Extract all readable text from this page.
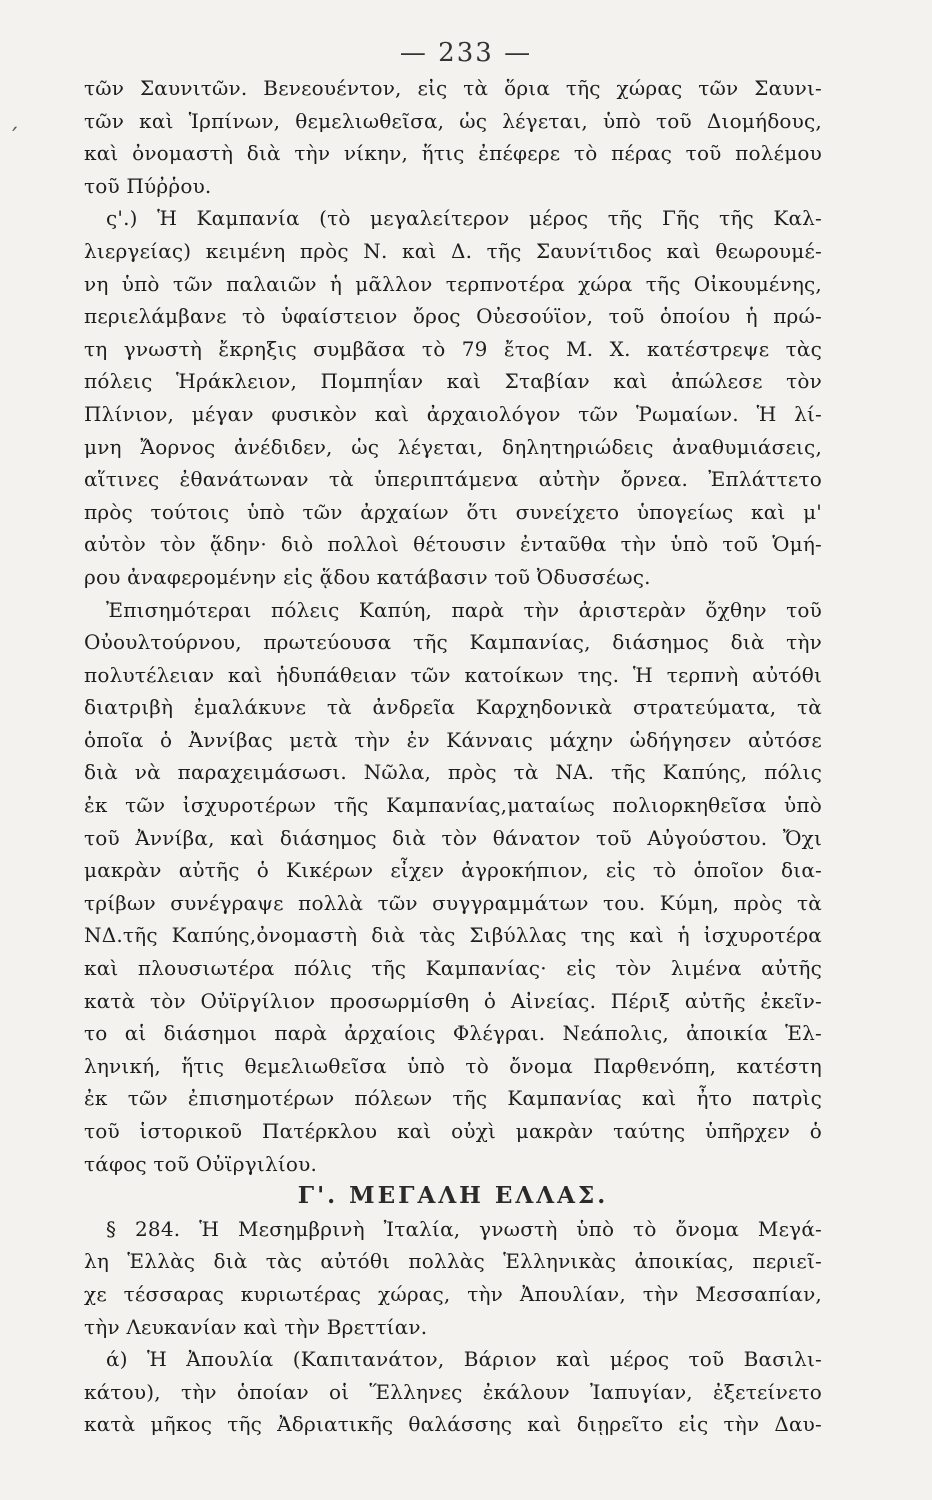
— 233 —
ˊ
τῶν Σαυνιτῶν. Βενεουέντον, εἰς τὰ ὅρια τῆς χώρας τῶν Σαυνι-
τῶν καὶ Ἱρπίνων, θεμελιωθεῖσα, ὡς λέγεται, ὑπὸ τοῦ Διομήδους,
καὶ ὀνομαστὴ διὰ τὴν νίκην, ἥτις ἐπέφερε τὸ πέρας τοῦ πολέμου
τοῦ Πύῤῥου.
ς'.) Ἡ Καμπανία (τὸ μεγαλείτερον μέρος τῆς Γῆς τῆς Καλ-
λιεργείας) κειμένη πρὸς Ν. καὶ Δ. τῆς Σαυνίτιδος καὶ θεωρουμέ-
νη ὑπὸ τῶν παλαιῶν ἡ μᾶλλον τερπνοτέρα χώρα τῆς Οἰκουμένης,
περιελάμβανε τὸ ὑφαίστειον ὄρος Οὐεσούϊον, τοῦ ὁποίου ἡ πρώ-
τη γνωστὴ ἔκρηξις συμβᾶσα τὸ 79 ἔτος Μ. Χ. κατέστρεψε τὰς
πόλεις Ἡράκλειον, Πομπηΐαν καὶ Σταβίαν καὶ ἀπώλεσε τὸν
Πλίνιον, μέγαν φυσικὸν καὶ ἀρχαιολόγον τῶν Ῥωμαίων. Ἡ λί-
μνη Ἄορνος ἀνέδιδεν, ὡς λέγεται, δηλητηριώδεις ἀναθυμιάσεις,
αἵτινες ἐθανάτωναν τὰ ὑπεριπτάμενα αὐτὴν ὄρνεα. Ἐπλάττετο
πρὸς τούτοις ὑπὸ τῶν ἀρχαίων ὅτι συνείχετο ὑπογείως καὶ μ'
αὐτὸν τὸν ᾅδην· διὸ πολλοὶ θέτουσιν ἐνταῦθα τὴν ὑπὸ τοῦ Ὁμή-
ρου ἀναφερομένην εἰς ᾅδου κατάβασιν τοῦ Ὀδυσσέως.
Ἐπισημότεραι πόλεις Καπύη, παρὰ τὴν ἀριστερὰν ὄχθην τοῦ
Οὐουλτούρνου, πρωτεύουσα τῆς Καμπανίας, διάσημος διὰ τὴν
πολυτέλειαν καὶ ἡδυπάθειαν τῶν κατοίκων της. Ἡ τερπνὴ αὐτόθι
διατριβὴ ἐμαλάκυνε τὰ ἀνδρεῖα Καρχηδονικὰ στρατεύματα, τὰ
ὁποῖα ὁ Ἀννίβας μετὰ τὴν ἐν Κάνναις μάχην ὡδήγησεν αὐτόσε
διὰ νὰ παραχειμάσωσι. Νῶλα, πρὸς τὰ ΝΑ. τῆς Καπύης, πόλις
ἐκ τῶν ἰσχυροτέρων τῆς Καμπανίας,ματαίως πολιορκηθεῖσα ὑπὸ
τοῦ Ἀννίβα, καὶ διάσημος διὰ τὸν θάνατον τοῦ Αὐγούστου. Ὄχι
μακρὰν αὐτῆς ὁ Κικέρων εἶχεν ἀγροκήπιον, εἰς τὸ ὁποῖον δια-
τρίβων συνέγραψε πολλὰ τῶν συγγραμμάτων του. Κύμη, πρὸς τὰ
ΝΔ.τῆς Καπύης,ὀνομαστὴ διὰ τὰς Σιβύλλας της καὶ ἡ ἰσχυροτέρα
καὶ πλουσιωτέρα πόλις τῆς Καμπανίας· εἰς τὸν λιμένα αὐτῆς
κατὰ τὸν Οὐϊργίλιον προσωρμίσθη ὁ Αἰνείας. Πέριξ αὐτῆς ἐκεῖν-
το αἱ διάσημοι παρὰ ἀρχαίοις Φλέγραι. Νεάπολις, ἀποικία Ἑλ-
ληνική, ἥτις θεμελιωθεῖσα ὑπὸ τὸ ὄνομα Παρθενόπη, κατέστη
ἐκ τῶν ἐπισημοτέρων πόλεων τῆς Καμπανίας καὶ ἦτο πατρὶς
τοῦ ἱστορικοῦ Πατέρκλου καὶ οὐχὶ μακρὰν ταύτης ὑπῆρχεν ὁ
τάφος τοῦ Οὐϊργιλίου.
Γ'. ΜΕΓΑΛΗ ΕΛΛΑΣ.
§ 284. Ἡ Μεσημβρινὴ Ἰταλία, γνωστὴ ὑπὸ τὸ ὄνομα Μεγά-
λη Ἑλλὰς διὰ τὰς αὐτόθι πολλὰς Ἑλληνικὰς ἀποικίας, περιεῖ-
χε τέσσαρας κυριωτέρας χώρας, τὴν Ἀπουλίαν, τὴν Μεσσαπίαν,
τὴν Λευκανίαν καὶ τὴν Βρεττίαν.
ά) Ἡ Ἀπουλία (Καπιτανάτον, Βάριον καὶ μέρος τοῦ Βασιλι-
κάτου), τὴν ὁποίαν οἱ Ἕλληνες ἐκάλουν Ἰαπυγίαν, ἐξετείνετο
κατὰ μῆκος τῆς Ἀδριατικῆς θαλάσσης καὶ διῃρεῖτο εἰς τὴν Δαυ-
